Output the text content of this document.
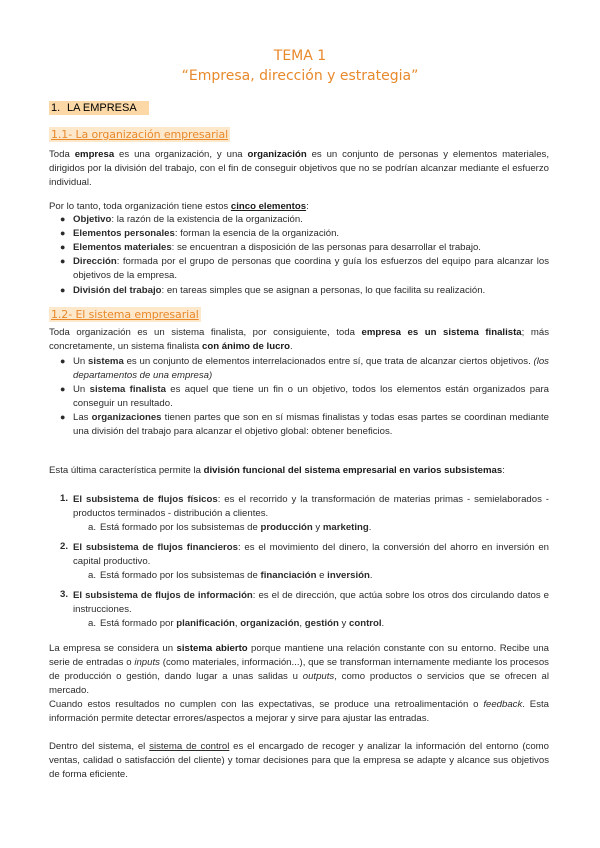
TEMA 1
“Empresa, dirección y estrategia”
1. LA EMPRESA
1.1- La organización empresarial
Toda empresa es una organización, y una organización es un conjunto de personas y elementos materiales, dirigidos por la división del trabajo, con el fin de conseguir objetivos que no se podrían alcanzar mediante el esfuerzo individual.
Por lo tanto, toda organización tiene estos cinco elementos:
● Objetivo: la razón de la existencia de la organización.
● Elementos personales: forman la esencia de la organización.
● Elementos materiales: se encuentran a disposición de las personas para desarrollar el trabajo.
● Dirección: formada por el grupo de personas que coordina y guía los esfuerzos del equipo para alcanzar los objetivos de la empresa.
● División del trabajo: en tareas simples que se asignan a personas, lo que facilita su realización.
1.2- El sistema empresarial
Toda organización es un sistema finalista, por consiguiente, toda empresa es un sistema finalista; más concretamente, un sistema finalista con ánimo de lucro.
● Un sistema es un conjunto de elementos interrelacionados entre sí, que trata de alcanzar ciertos objetivos. (los departamentos de una empresa)
● Un sistema finalista es aquel que tiene un fin o un objetivo, todos los elementos están organizados para conseguir un resultado.
● Las organizaciones tienen partes que son en sí mismas finalistas y todas esas partes se coordinan mediante una división del trabajo para alcanzar el objetivo global: obtener beneficios.
Esta última característica permite la división funcional del sistema empresarial en varios subsistemas:
1. El subsistema de flujos físicos: es el recorrido y la transformación de materias primas - semielaborados - productos terminados - distribución a clientes.
a. Está formado por los subsistemas de producción y marketing.
2. El subsistema de flujos financieros: es el movimiento del dinero, la conversión del ahorro en inversión en capital productivo.
a. Está formado por los subsistemas de financiación e inversión.
3. El subsistema de flujos de información: es el de dirección, que actúa sobre los otros dos circulando datos e instrucciones.
a. Está formado por planificación, organización, gestión y control.
La empresa se considera un sistema abierto porque mantiene una relación constante con su entorno. Recibe una serie de entradas o inputs (como materiales, información...), que se transforman internamente mediante los procesos de producción o gestión, dando lugar a unas salidas u outputs, como productos o servicios que se ofrecen al mercado.
Cuando estos resultados no cumplen con las expectativas, se produce una retroalimentación o feedback. Esta información permite detectar errores/aspectos a mejorar y sirve para ajustar las entradas.
Dentro del sistema, el sistema de control es el encargado de recoger y analizar la información del entorno (como ventas, calidad o satisfacción del cliente) y tomar decisiones para que la empresa se adapte y alcance sus objetivos de forma eficiente.
